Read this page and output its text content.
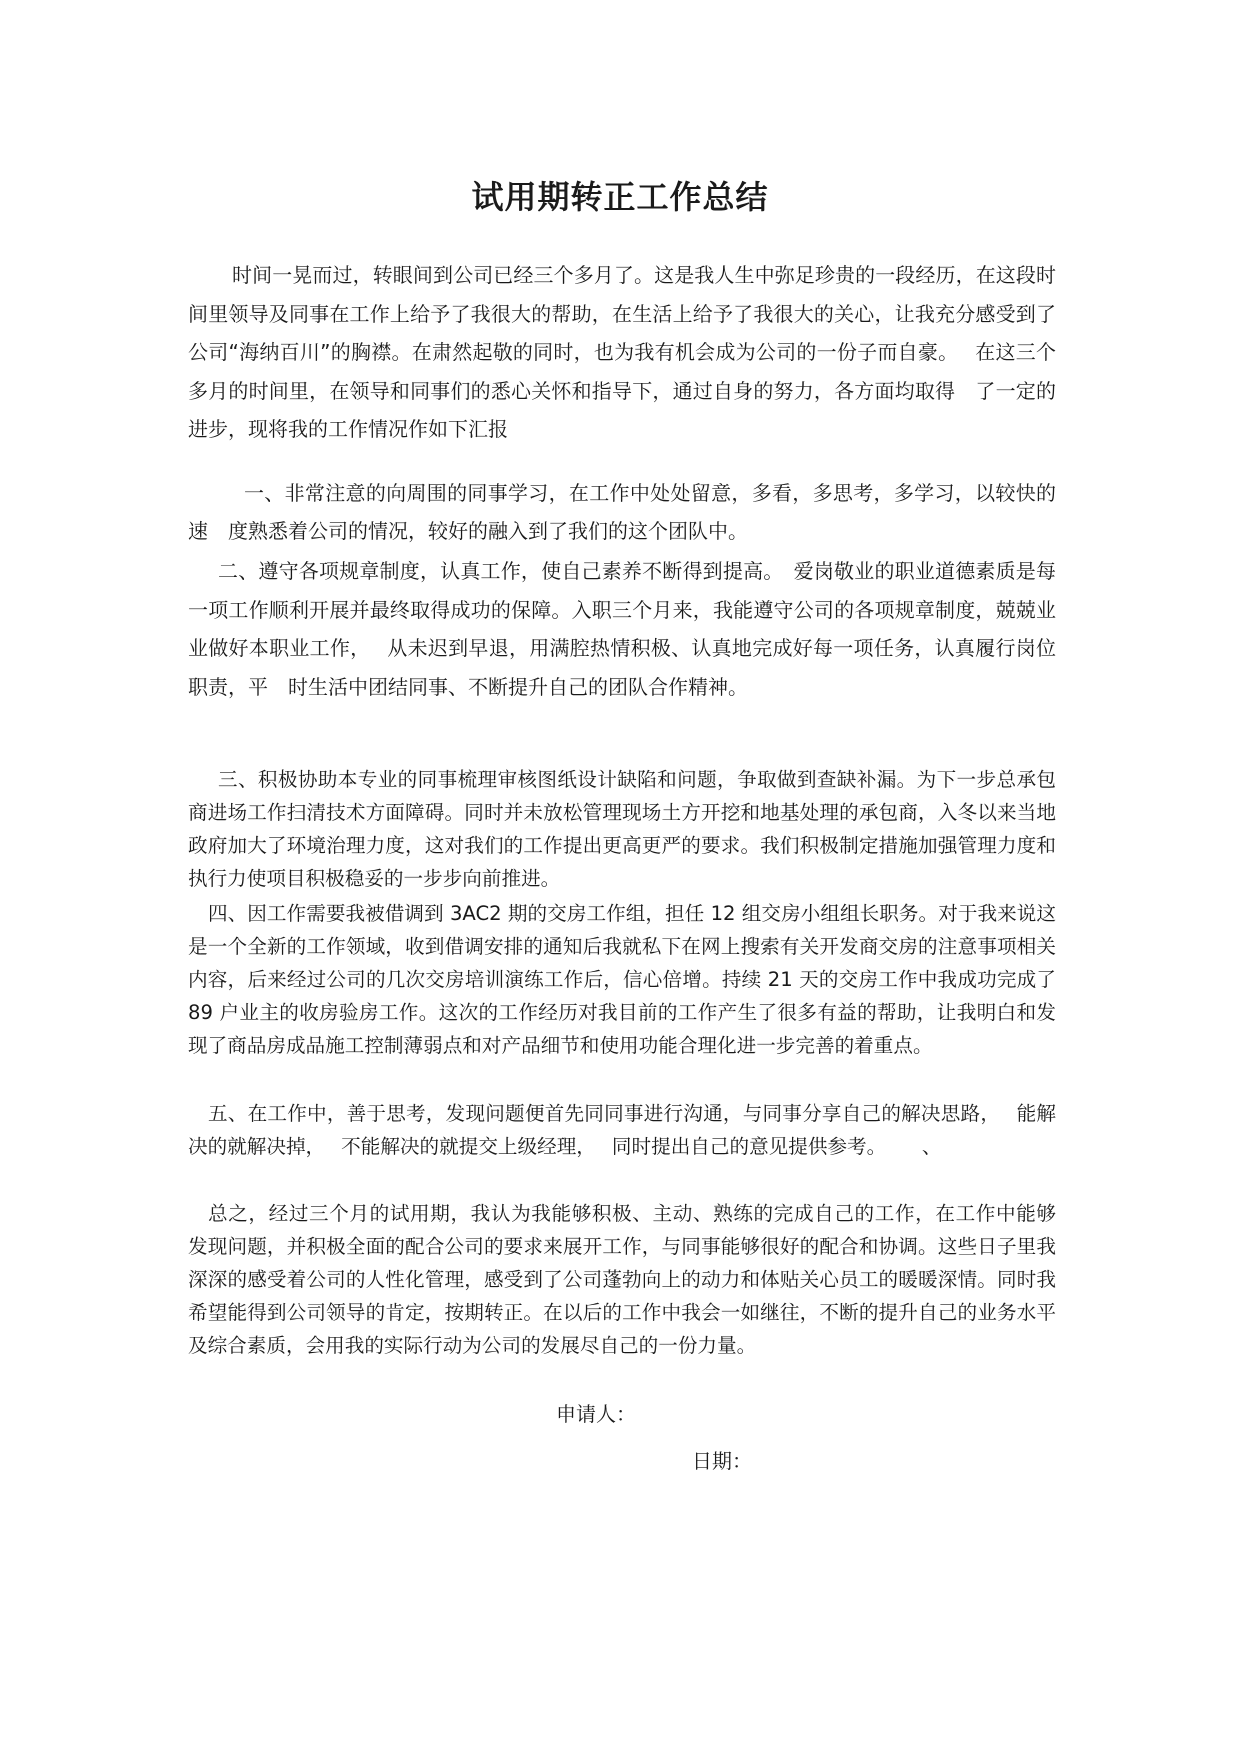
试用期转正工作总结

时间一晃而过，转眼间到公司已经三个多月了。这是我人生中弥足珍贵的一段经历，在这段时间里领导及同事在工作上给予了我很大的帮助，在生活上给予了我很大的关心，让我充分感受到了公司“海纳百川”的胸襟。在肃然起敬的同时，也为我有机会成为公司的一份子而自豪。　 在这三个多月的时间里，在领导和同事们的悉心关怀和指导下，通过自身的努力，各方面均取得　了一定的进步，现将我的工作情况作如下汇报

一、非常注意的向周围的同事学习，在工作中处处留意，多看，多思考，多学习，以较快的速　度熟悉着公司的情况，较好的融入到了我们的这个团队中。

二、遵守各项规章制度，认真工作，使自己素养不断得到提高。　爱岗敬业的职业道德素质是每一项工作顺利开展并最终取得成功的保障。入职三个月来，我能遵守公司的各项规章制度，兢兢业业做好本职业工作，　 从未迟到早退，用满腔热情积极、认真地完成好每一项任务，认真履行岗位职责，平　时生活中团结同事、不断提升自己的团队合作精神。

三、积极协助本专业的同事梳理审核图纸设计缺陷和问题，争取做到查缺补漏。为下一步总承包商进场工作扫清技术方面障碍。同时并未放松管理现场土方开挖和地基处理的承包商，入冬以来当地政府加大了环境治理力度，这对我们的工作提出更高更严的要求。我们积极制定措施加强管理力度和执行力使项目积极稳妥的一步步向前推进。

四、因工作需要我被借调到 3AC2 期的交房工作组，担任 12 组交房小组组长职务。对于我来说这是一个全新的工作领域，收到借调安排的通知后我就私下在网上搜索有关开发商交房的注意事项相关内容，后来经过公司的几次交房培训演练工作后，信心倍增。持续 21 天的交房工作中我成功完成了 89 户业主的收房验房工作。这次的工作经历对我目前的工作产生了很多有益的帮助，让我明白和发现了商品房成品施工控制薄弱点和对产品细节和使用功能合理化进一步完善的着重点。

五、在工作中，善于思考，发现问题便首先同同事进行沟通，与同事分享自己的解决思路，　 能解决的就解决掉，　 不能解决的就提交上级经理，　 同时提出自己的意见提供参考。　　 、

总之，经过三个月的试用期，我认为我能够积极、主动、熟练的完成自己的工作，在工作中能够　发现问题，并积极全面的配合公司的要求来展开工作，与同事能够很好的配合和协调。这些日子里我深深的感受着公司的人性化管理，感受到了公司蓬勃向上的动力和体贴关心员工的暖暖深情。同时我希望能得到公司领导的肯定，按期转正。在以后的工作中我会一如继往，不断的提升自己的业务水平及综合素质，会用我的实际行动为公司的发展尽自己的一份力量。

申请人：

日期：
